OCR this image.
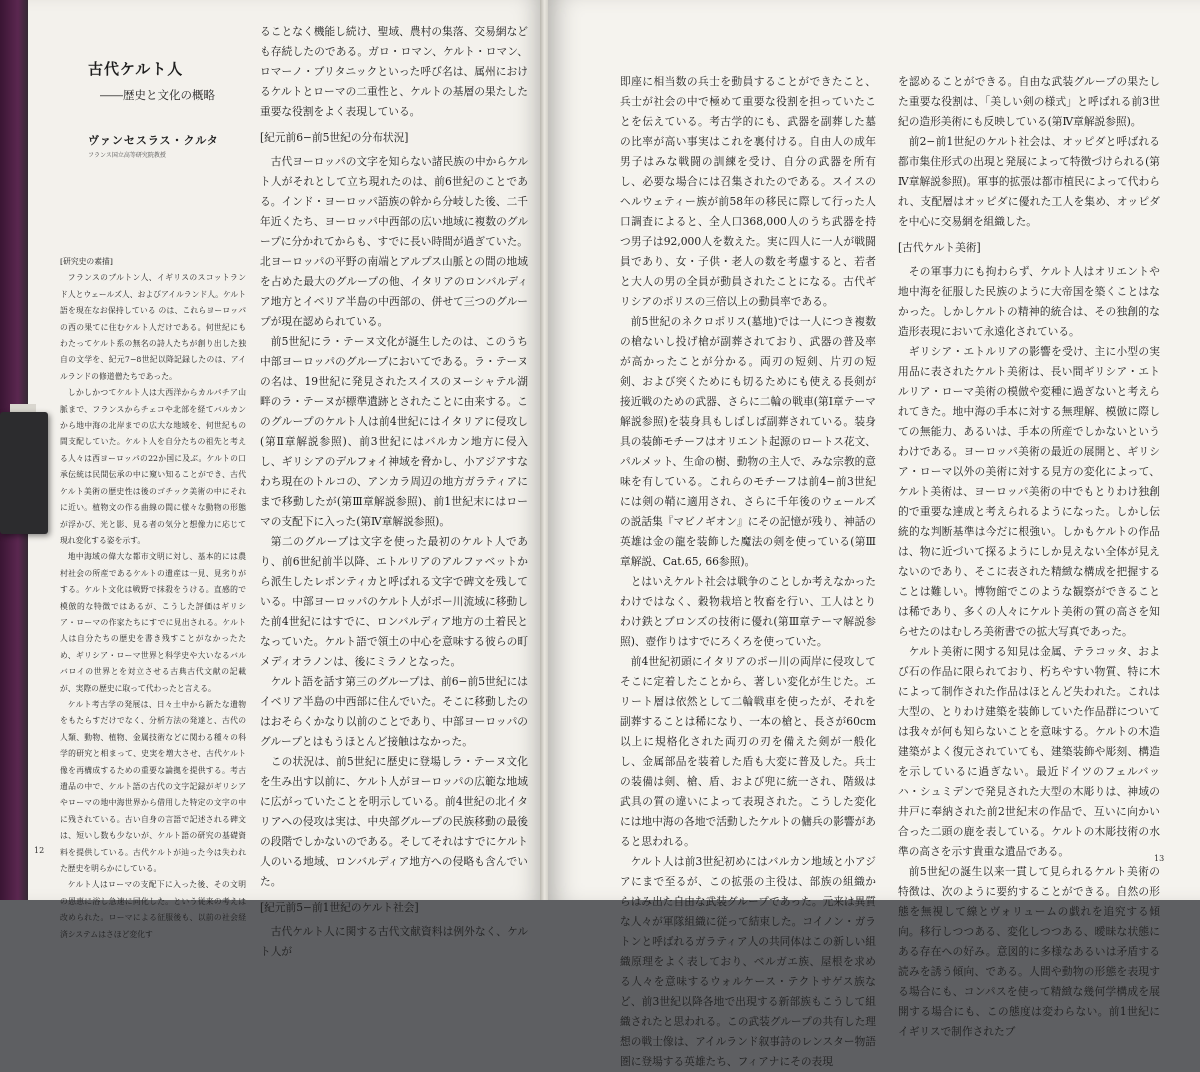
古代ケルト人
――歴史と文化の概略
ヴァンセスラス・クルタ
フランス国立高等研究院教授

[研究史の素描]

フランスのブルトン人、イギリスのスコットランド人とウェールズ人、およびアイルランド人。ケルト語を現在なお保持している のは、これらヨーロッパの西の果てに住むケルト人だけである。何世紀にもわたってケルト系の無名の詩人たちが創り出した独自の文学を、紀元7−8世紀以降記録したのは、アイルランドの修道僧たちであった。

しかしかつてケルト人は大西洋からカルパチア山脈まで、フランスからチェコや北部を経てバルカンから地中海の北岸までの広大な地域を、何世紀もの間支配していた。ケルト人を自分たちの祖先と考える人々は西ヨーロッパの22か国に及ぶ。ケルトの口承伝統は民間伝承の中に窺い知ることができ、古代ケルト美術の歴史性は後のゴチック美術の中にそれに近い。植物文の作る曲線の間に様々な動物の形態が浮かび、光と影、見る者の気分と想像力に応じて現れ変化する姿を示す。

地中海域の偉大な都市文明に対し、基本的には農村社会の所産であるケルトの遺産は一見、見劣りがする。ケルト文化は戦野で抹殺をうける。直感的で模倣的な特徴ではあるが、こうした評価はギリシア・ローマの作家たちにすでに見出される。ケルト人は自分たちの歴史を書き残すことがなかったため、ギリシア・ローマ世界と科学史や大いなるバルバロイの世界とを対立させる古典古代文献の記載が、実際の歴史に取って代わったと言える。

ケルト考古学の発展は、日々土中から新たな遺物をもたらすだけでなく、分析方法の発達と、古代の人類、動物、植物、金属技術などに関わる種々の科学的研究と相まって、史実を増大させ、古代ケルト像を再構成するための重要な論拠を提供する。考古遺品の中で、ケルト語の古代の文字記録がギリシアやローマの地中海世界から借用した特定の文字の中に残されている。古い自身の言語で記述される碑文は、短いし数も少ないが、ケルト語の研究の基礎資料を提供している。古代ケルトが辿った今は失われた歴史を明らかにしている。

ケルト人はローマの支配下に入った後、その文明の恩恵に浴し急速に同化した。という従来の考えは改められた。ローマによる征服後も、以前の社会経済システムはさほど変化す

12

ることなく機能し続け、聖域、農村の集落、交易網なども存続したのである。ガロ・ロマン、ケルト・ロマン、ロマーノ・ブリタニックといった呼び名は、属州におけるケルトとローマの二重性と、ケルトの基層の果たした重要な役割をよく表現している。

[紀元前6−前5世紀の分布状況]

古代ヨーロッパの文字を知らない諸民族の中からケルト人がそれとして立ち現れたのは、前6世紀のことである。インド・ヨーロッパ語族の幹から分岐した後、二千年近くたち、ヨーロッパ中西部の広い地域に複数のグループに分かれてからも、すでに長い時間が過ぎていた。北ヨーロッパの平野の南端とアルプス山脈との間の地域を占めた最大のグループの他、イタリアのロンバルディア地方とイベリア半島の中西部の、併せて三つのグループが現在認められている。

前5世紀にラ・テーヌ文化が誕生したのは、このうち中部ヨーロッパのグループにおいてである。ラ・テーヌの名は、19世紀に発見されたスイスのヌーシャテル湖畔のラ・テーヌが標準遺跡とされたことに由来する。このグループのケルト人は前4世紀にはイタリアに侵攻し(第Ⅱ章解説参照)、前3世紀にはバルカン地方に侵入し、ギリシアのデルフォイ神域を脅かし、小アジアすなわち現在のトルコの、アンカラ周辺の地方ガラティアにまで移動したが(第Ⅲ章解説参照)、前1世紀末にはローマの支配下に入った(第Ⅳ章解説参照)。

第二のグループは文字を使った最初のケルト人であり、前6世紀前半以降、エトルリアのアルファベットから派生したレポンティカと呼ばれる文字で碑文を残している。中部ヨーロッパのケルト人がポー川流域に移動した前4世紀にはすでに、ロンバルディア地方の土着民となっていた。ケルト語で領土の中心を意味する彼らの町メディオラノンは、後にミラノとなった。

ケルト語を話す第三のグループは、前6−前5世紀にはイベリア半島の中西部に住んでいた。そこに移動したのはおそらくかなり以前のことであり、中部ヨーロッパのグループとはもうほとんど接触はなかった。

この状況は、前5世紀に歴史に登場しラ・テーヌ文化を生み出す以前に、ケルト人がヨーロッパの広範な地域に広がっていたことを明示している。前4世紀の北イタリアへの侵攻は実は、中央部グループの民族移動の最後の段階でしかないのである。そしてそれはすでにケルト人のいる地域、ロンバルディア地方への侵略も含んでいた。

[紀元前5−前1世紀のケルト社会]

古代ケルト人に関する古代文献資料は例外なく、ケルト人が

即座に相当数の兵士を動員することができたこと、兵士が社会の中で極めて重要な役割を担っていたことを伝えている。考古学的にも、武器を副葬した墓の比率が高い事実はこれを裏付ける。自由人の成年男子はみな戦闘の訓練を受け、自分の武器を所有し、必要な場合には召集されたのである。スイスのヘルウェティー族が前58年の移民に際して行った人口調査によると、全人口368,000人のうち武器を持つ男子は92,000人を数えた。実に四人に一人が戦闘員であり、女・子供・老人の数を考慮すると、若者と大人の男の全員が動員されたことになる。古代ギリシアのポリスの三倍以上の動員率である。

前5世紀のネクロポリス(墓地)では一人につき複数の槍ないし投げ槍が副葬されており、武器の普及率が高かったことが分かる。両刃の短剣、片刃の短剣、および突くためにも切るためにも使える長剣が接近戦のための武器、さらに二輪の戦車(第Ⅰ章テーマ解説参照)を装身具もしばしば副葬されている。装身具の装飾モチーフはオリエント起源のロートス花文、パルメット、生命の樹、動物の主人で、みな宗教的意味を有している。これらのモチーフは前4−前3世紀には剣の鞘に適用され、さらに千年後のウェールズの説話集『マビノギオン』にその記憶が残り、神話の英雄は金の龍を装飾した魔法の剣を使っている(第Ⅲ章解説、Cat.65, 66参照)。

とはいえケルト社会は戦争のことしか考えなかったわけではなく、穀物栽培と牧畜を行い、工人はとりわけ鉄とブロンズの技術に優れ(第Ⅲ章テーマ解説参照)、壺作りはすでにろくろを使っていた。

前4世紀初頭にイタリアのポー川の両岸に侵攻してそこに定着したことから、著しい変化が生じた。エリート層は依然として二輪戦車を使ったが、それを副葬することは稀になり、一本の槍と、長さが60cm以上に規格化された両刃の刃を備えた剣が一般化し、金属部品を装着した盾も大変に普及した。兵士の装備は剣、槍、盾、および兜に統一され、階級は武具の質の違いによって表現された。こうした変化には地中海の各地で活動したケルトの傭兵の影響があると思われる。

ケルト人は前3世紀初めにはバルカン地域と小アジアにまで至るが、この拡張の主役は、部族の組織からはみ出た自由な武装グループであった。元来は異質な人々が軍隊組織に従って結束した。コイノン・ガラトンと呼ばれるガラティア人の共同体はこの新しい組織原理をよく表しており、ベルガエ族、屋根を求める人々を意味するウォルケース・テクトサゲス族など、前3世紀以降各地で出現する新部族もこうして組織されたと思われる。この武装グループの共有した理想の戦士像は、アイルランド叙事詩のレンスター物語圏に登場する英雄たち、フィアナにその表現

を認めることができる。自由な武装グループの果たした重要な役割は、「美しい剣の様式」と呼ばれる前3世紀の造形美術にも反映している(第Ⅳ章解説参照)。

前2−前1世紀のケルト社会は、オッピダと呼ばれる都市集住形式の出現と発展によって特徴づけられる(第Ⅳ章解説参照)。軍事的拡張は都市植民によって代わられ、支配層はオッピダに優れた工人を集め、オッピダを中心に交易網を組織した。

[古代ケルト美術]

その軍事力にも拘わらず、ケルト人はオリエントや地中海を征服した民族のように大帝国を築くことはなかった。しかしケルトの精神的統合は、その独創的な造形表現において永遠化されている。

ギリシア・エトルリアの影響を受け、主に小型の実用品に表されたケルト美術は、長い間ギリシア・エトルリア・ローマ美術の模倣や変種に過ぎないと考えられてきた。地中海の手本に対する無理解、模倣に際しての無能力、あるいは、手本の所産でしかないというわけである。ヨーロッパ美術の最近の展開と、ギリシア・ローマ以外の美術に対する見方の変化によって、ケルト美術は、ヨーロッパ美術の中でもとりわけ独創的で重要な達成と考えられるようになった。しかし伝統的な判断基準は今だに根強い。しかもケルトの作品は、物に近づいて探るようにしか見えない全体が見えないのであり、そこに表された精緻な構成を把握することは難しい。博物館でこのような観察ができることは稀であり、多くの人々にケルト美術の質の高さを知らせたのはむしろ美術書での拡大写真であった。

ケルト美術に関する知見は金属、テラコッタ、および石の作品に限られており、朽ちやすい物質、特に木によって制作された作品はほとんど失われた。これは大型の、とりわけ建築を装飾していた作品群については我々が何も知らないことを意味する。ケルトの木造建築がよく復元されていても、建築装飾や彫刻、構造を示しているに過ぎない。最近ドイツのフェルバッハ・シュミデンで発見された大型の木彫りは、神域の井戸に奉納された前2世紀末の作品で、互いに向かい合った二頭の鹿を表している。ケルトの木彫技術の水準の高さを示す貴重な遺品である。

前5世紀の誕生以来一貫して見られるケルト美術の特徴は、次のように要約することができる。自然の形態を無視して線とヴォリュームの戯れを追究する傾向。移行しつつある、変化しつつある、曖昧な状態にある存在への好み。意図的に多様なあるいは矛盾する読みを誘う傾向、である。人間や動物の形態を表現する場合にも、コンパスを使って精緻な幾何学構成を展開する場合にも、この態度は変わらない。前1世紀にイギリスで制作されたブ

13
